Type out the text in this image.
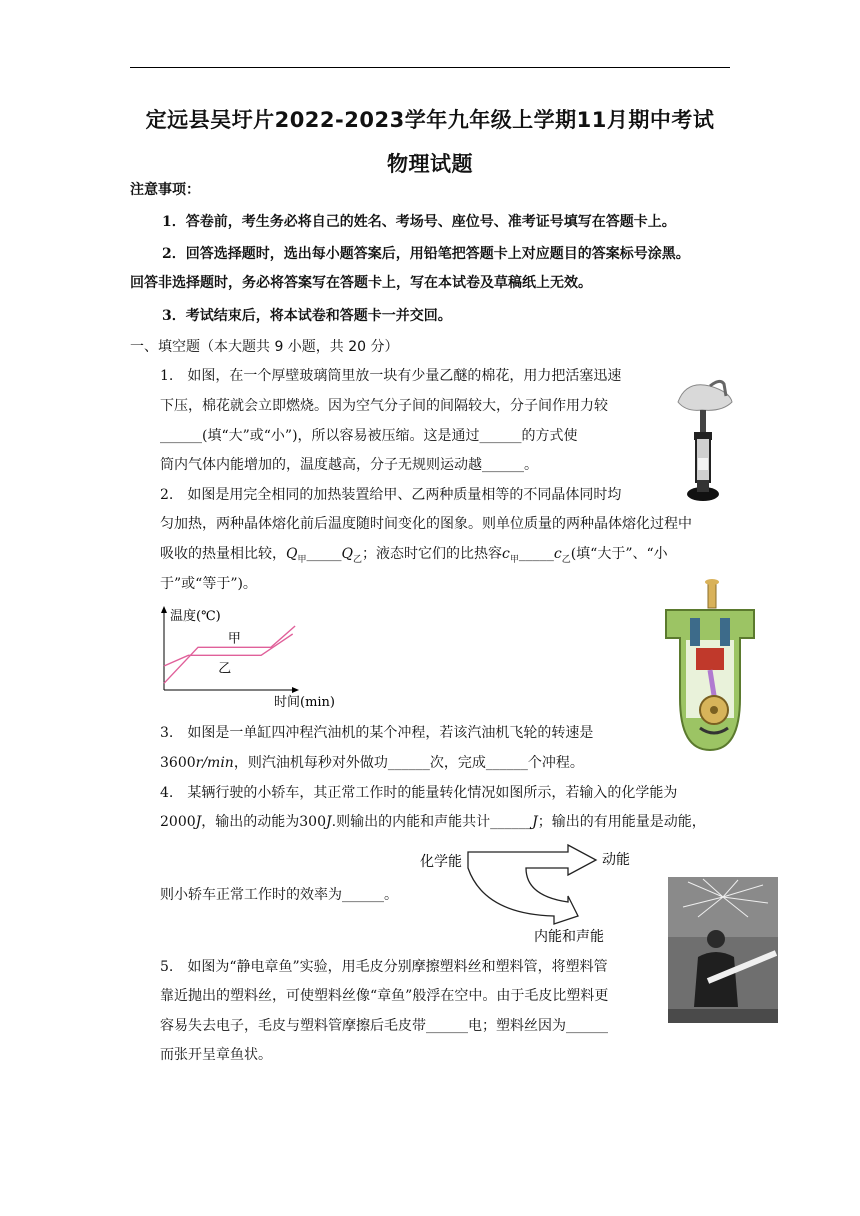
定远县吴圩片2022-2023学年九年级上学期11月期中考试
物理试题
注意事项：
1．答卷前，考生务必将自己的姓名、考场号、座位号、准考证号填写在答题卡上。
2．回答选择题时，选出每小题答案后，用铅笔把答题卡上对应题目的答案标号涂黑。
回答非选择题时，务必将答案写在答题卡上，写在本试卷及草稿纸上无效。
3．考试结束后，将本试卷和答题卡一并交回。
一、填空题（本大题共 9 小题，共 20 分）
1.　如图，在一个厚壁玻璃筒里放一块有少量乙醚的棉花，用力把活塞迅速
下压，棉花就会立即燃烧。因为空气分子间的间隔较大，分子间作用力较
______(填“大”或“小”)，所以容易被压缩。这是通过______的方式使
筒内气体内能增加的，温度越高，分子无规则运动越______。
2.　如图是用完全相同的加热装置给甲、乙两种质量相等的不同晶体同时均
匀加热，两种晶体熔化前后温度随时间变化的图象。则单位质量的两种晶体熔化过程中
吸收的热量相比较，$Q_甲\_\_\_\_\_Q_乙$；液态时它们的比热容$c_甲\_\_\_\_\_c_乙$(填“大于”、“小
于”或“等于”)。
温度(℃)
时间(min)
甲
乙
3.　如图是一单缸四冲程汽油机的某个冲程，若该汽油机飞轮的转速是
3600r/min，则汽油机每秒对外做功______次，完成______个冲程。
4.　某辆行驶的小轿车，其正常工作时的能量转化情况如图所示，若输入的化学能为
2000J，输出的动能为300J.则输出的内能和声能共计______J；输出的有用能量是动能，
则小轿车正常工作时的效率为______。
化学能	动能
内能和声能
5.　如图为“静电章鱼”实验，用毛皮分别摩擦塑料丝和塑料管，将塑料管
靠近抛出的塑料丝，可使塑料丝像“章鱼”般浮在空中。由于毛皮比塑料更
容易失去电子，毛皮与塑料管摩擦后毛皮带______电；塑料丝因为______
而张开呈章鱼状。
